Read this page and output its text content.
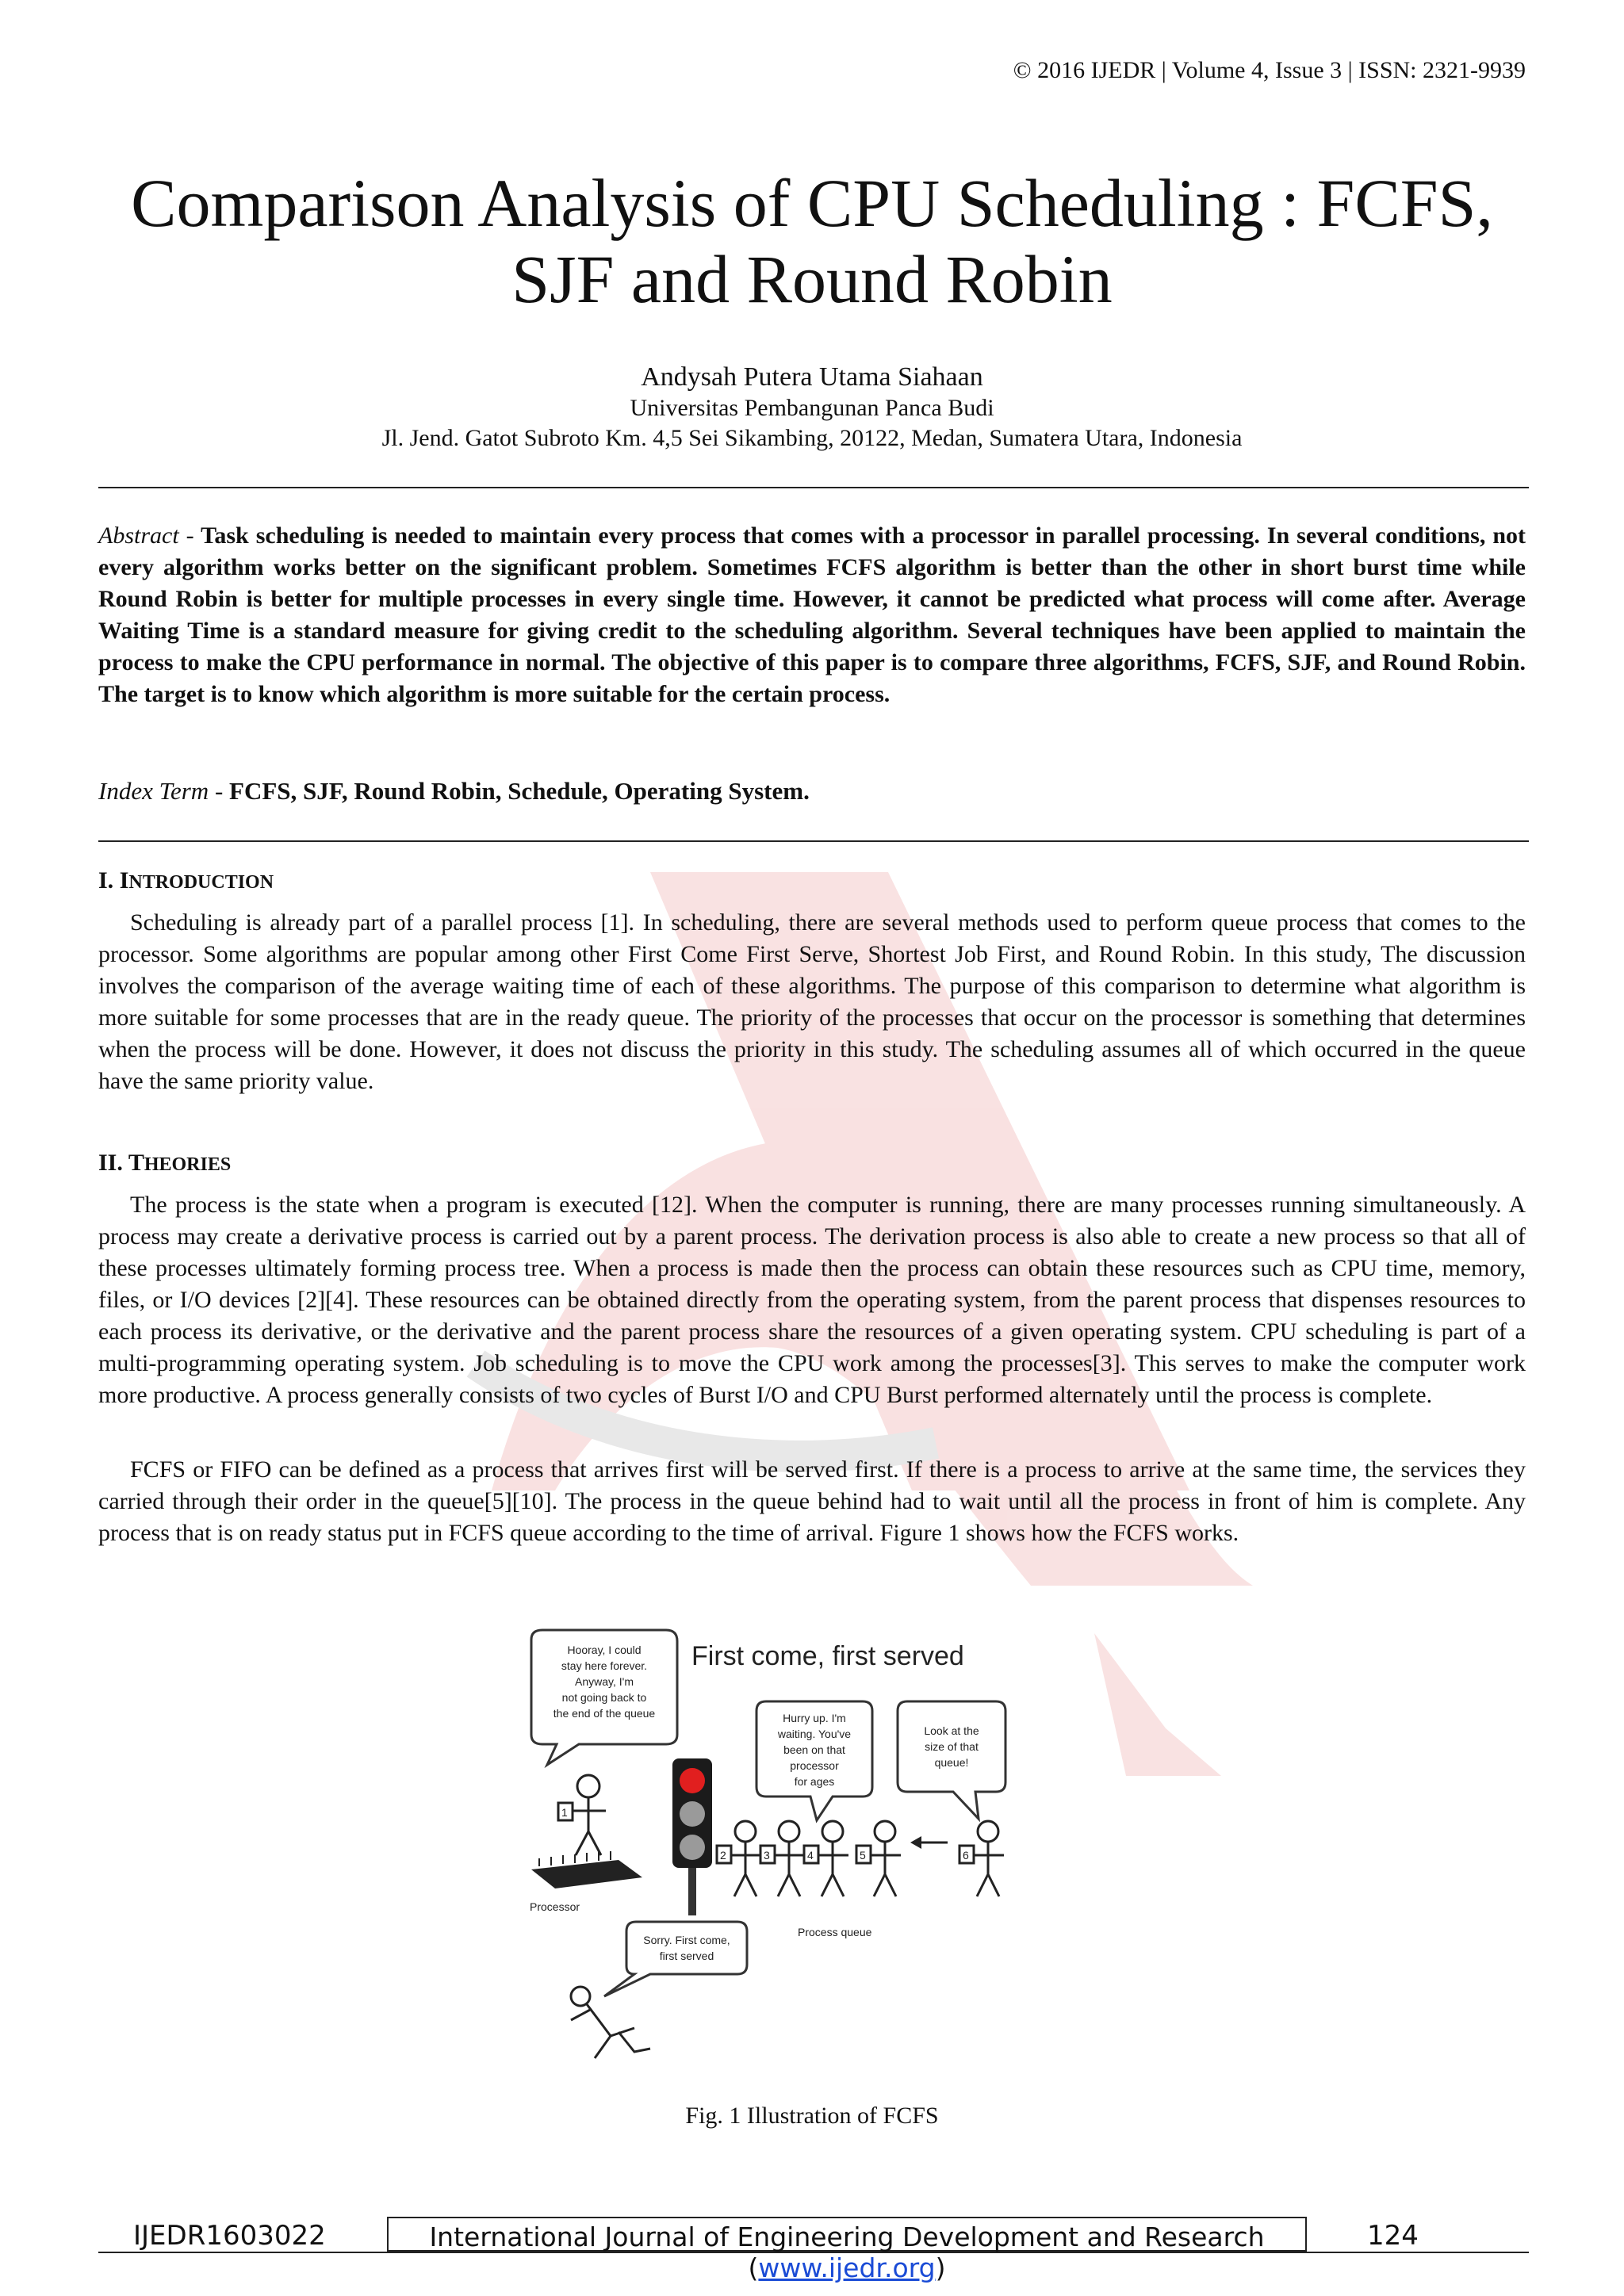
© 2016 IJEDR | Volume 4, Issue 3 | ISSN: 2321-9939
Comparison Analysis of CPU Scheduling : FCFS,
SJF and Round Robin
Andysah Putera Utama Siahaan
Universitas Pembangunan Panca Budi
Jl. Jend. Gatot Subroto Km. 4,5 Sei Sikambing, 20122, Medan, Sumatera Utara, Indonesia
Abstract - Task scheduling is needed to maintain every process that comes with a processor in parallel processing. In several conditions, not every algorithm works better on the significant problem. Sometimes FCFS algorithm is better than the other in short burst time while Round Robin is better for multiple processes in every single time. However, it cannot be predicted what process will come after. Average Waiting Time is a standard measure for giving credit to the scheduling algorithm. Several techniques have been applied to maintain the process to make the CPU performance in normal. The objective of this paper is to compare three algorithms, FCFS, SJF, and Round Robin. The target is to know which algorithm is more suitable for the certain process.
Index Term - FCFS, SJF, Round Robin, Schedule, Operating System.
I. INTRODUCTION
Scheduling is already part of a parallel process [1]. In scheduling, there are several methods used to perform queue process that comes to the processor. Some algorithms are popular among other First Come First Serve, Shortest Job First, and Round Robin. In this study, The discussion involves the comparison of the average waiting time of each of these algorithms. The purpose of this comparison to determine what algorithm is more suitable for some processes that are in the ready queue. The priority of the processes that occur on the processor is something that determines when the process will be done. However, it does not discuss the priority in this study. The scheduling assumes all of which occurred in the queue have the same priority value.
II. THEORIES
The process is the state when a program is executed [12]. When the computer is running, there are many processes running simultaneously. A process may create a derivative process is carried out by a parent process. The derivation process is also able to create a new process so that all of these processes ultimately forming process tree. When a process is made then the process can obtain these resources such as CPU time, memory, files, or I/O devices [2][4]. These resources can be obtained directly from the operating system, from the parent process that dispenses resources to each process its derivative, or the derivative and the parent process share the resources of a given operating system. CPU scheduling is part of a multi-programming operating system. Job scheduling is to move the CPU work among the processes[3]. This serves to make the computer work more productive. A process generally consists of two cycles of Burst I/O and CPU Burst performed alternately until the process is complete.
FCFS or FIFO can be defined as a process that arrives first will be served first. If there is a process to arrive at the same time, the services they carried through their order in the queue[5][10]. The process in the queue behind had to wait until all the process in front of him is complete. Any process that is on ready status put in FCFS queue according to the time of arrival. Figure 1 shows how the FCFS works.
First come, first served
Hooray, I could
stay here forever.
Anyway, I'm
not going back to
the end of the queue
1
Processor
Sorry. First come,
first served
Hurry up. I'm
waiting. You've
been on that
processor
for ages
Look at the
size of that
queue!
2	3	4	5	6
Process queue
Fig. 1 Illustration of FCFS
IJEDR1603022	International Journal of Engineering Development and Research (www.ijedr.org)
124
